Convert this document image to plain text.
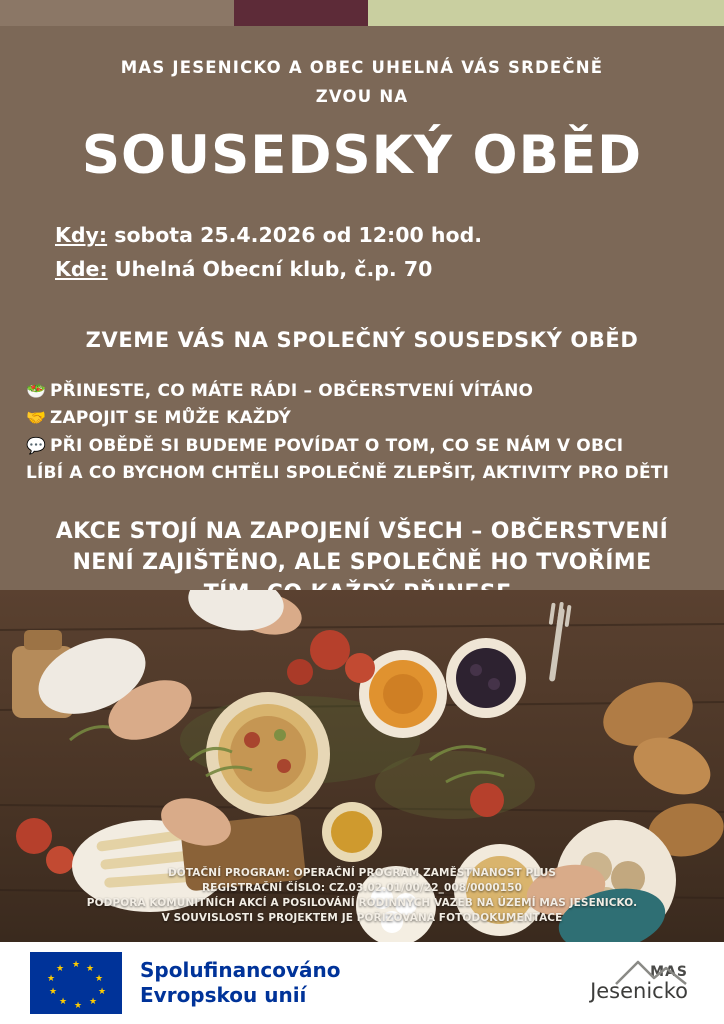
MAS JESENICKO A OBEC UHELNÁ VÁS SRDEČNĚ
ZVOU NA
SOUSEDSKÝ OBĚD
Kdy: sobota 25.4.2026 od 12:00 hod.
Kde: Uhelná Obecní klub, č.p. 70
ZVEME VÁS NA SPOLEČNÝ SOUSEDSKÝ OBĚD
🥗 PŘINESTE, CO MÁTE RÁDI – OBČERSTVENÍ VÍTÁNO
🤝 ZAPOJIT SE MŮŽE KAŽDÝ
💬 PŘI OBĚDĚ SI BUDEME POVÍDAT O TOM, CO SE NÁM V OBCI
LÍBÍ A CO BYCHOM CHTĚLI SPOLEČNĚ ZLEPŠIT, AKTIVITY PRO DĚTI
AKCE STOJÍ NA ZAPOJENÍ VŠECH – OBČERSTVENÍ
NENÍ ZAJIŠTĚNO, ALE SPOLEČNĚ HO TVOŘÍME
DOTAČNÍ PROGRAM: OPERAČNÍ PROGRAM ZAMĚSTNANOST PLUS
REGISTRAČNÍ ČÍSLO: CZ.03.02.01/00/22_008/0000150
PODPORA KOMUNITNÍCH AKCÍ A POSILOVÁNÍ RODINNÝCH VAZEB NA ÚZEMÍ MAS JESENICKO.
V SOUVISLOSTI S PROJEKTEM JE POŘIZOVÁNA FOTODOKUMENTACE
★ ★
★
★
★
★
★
★
★
★	Spolufinancováno
Evropskou unií
MAS
Jesenicko
